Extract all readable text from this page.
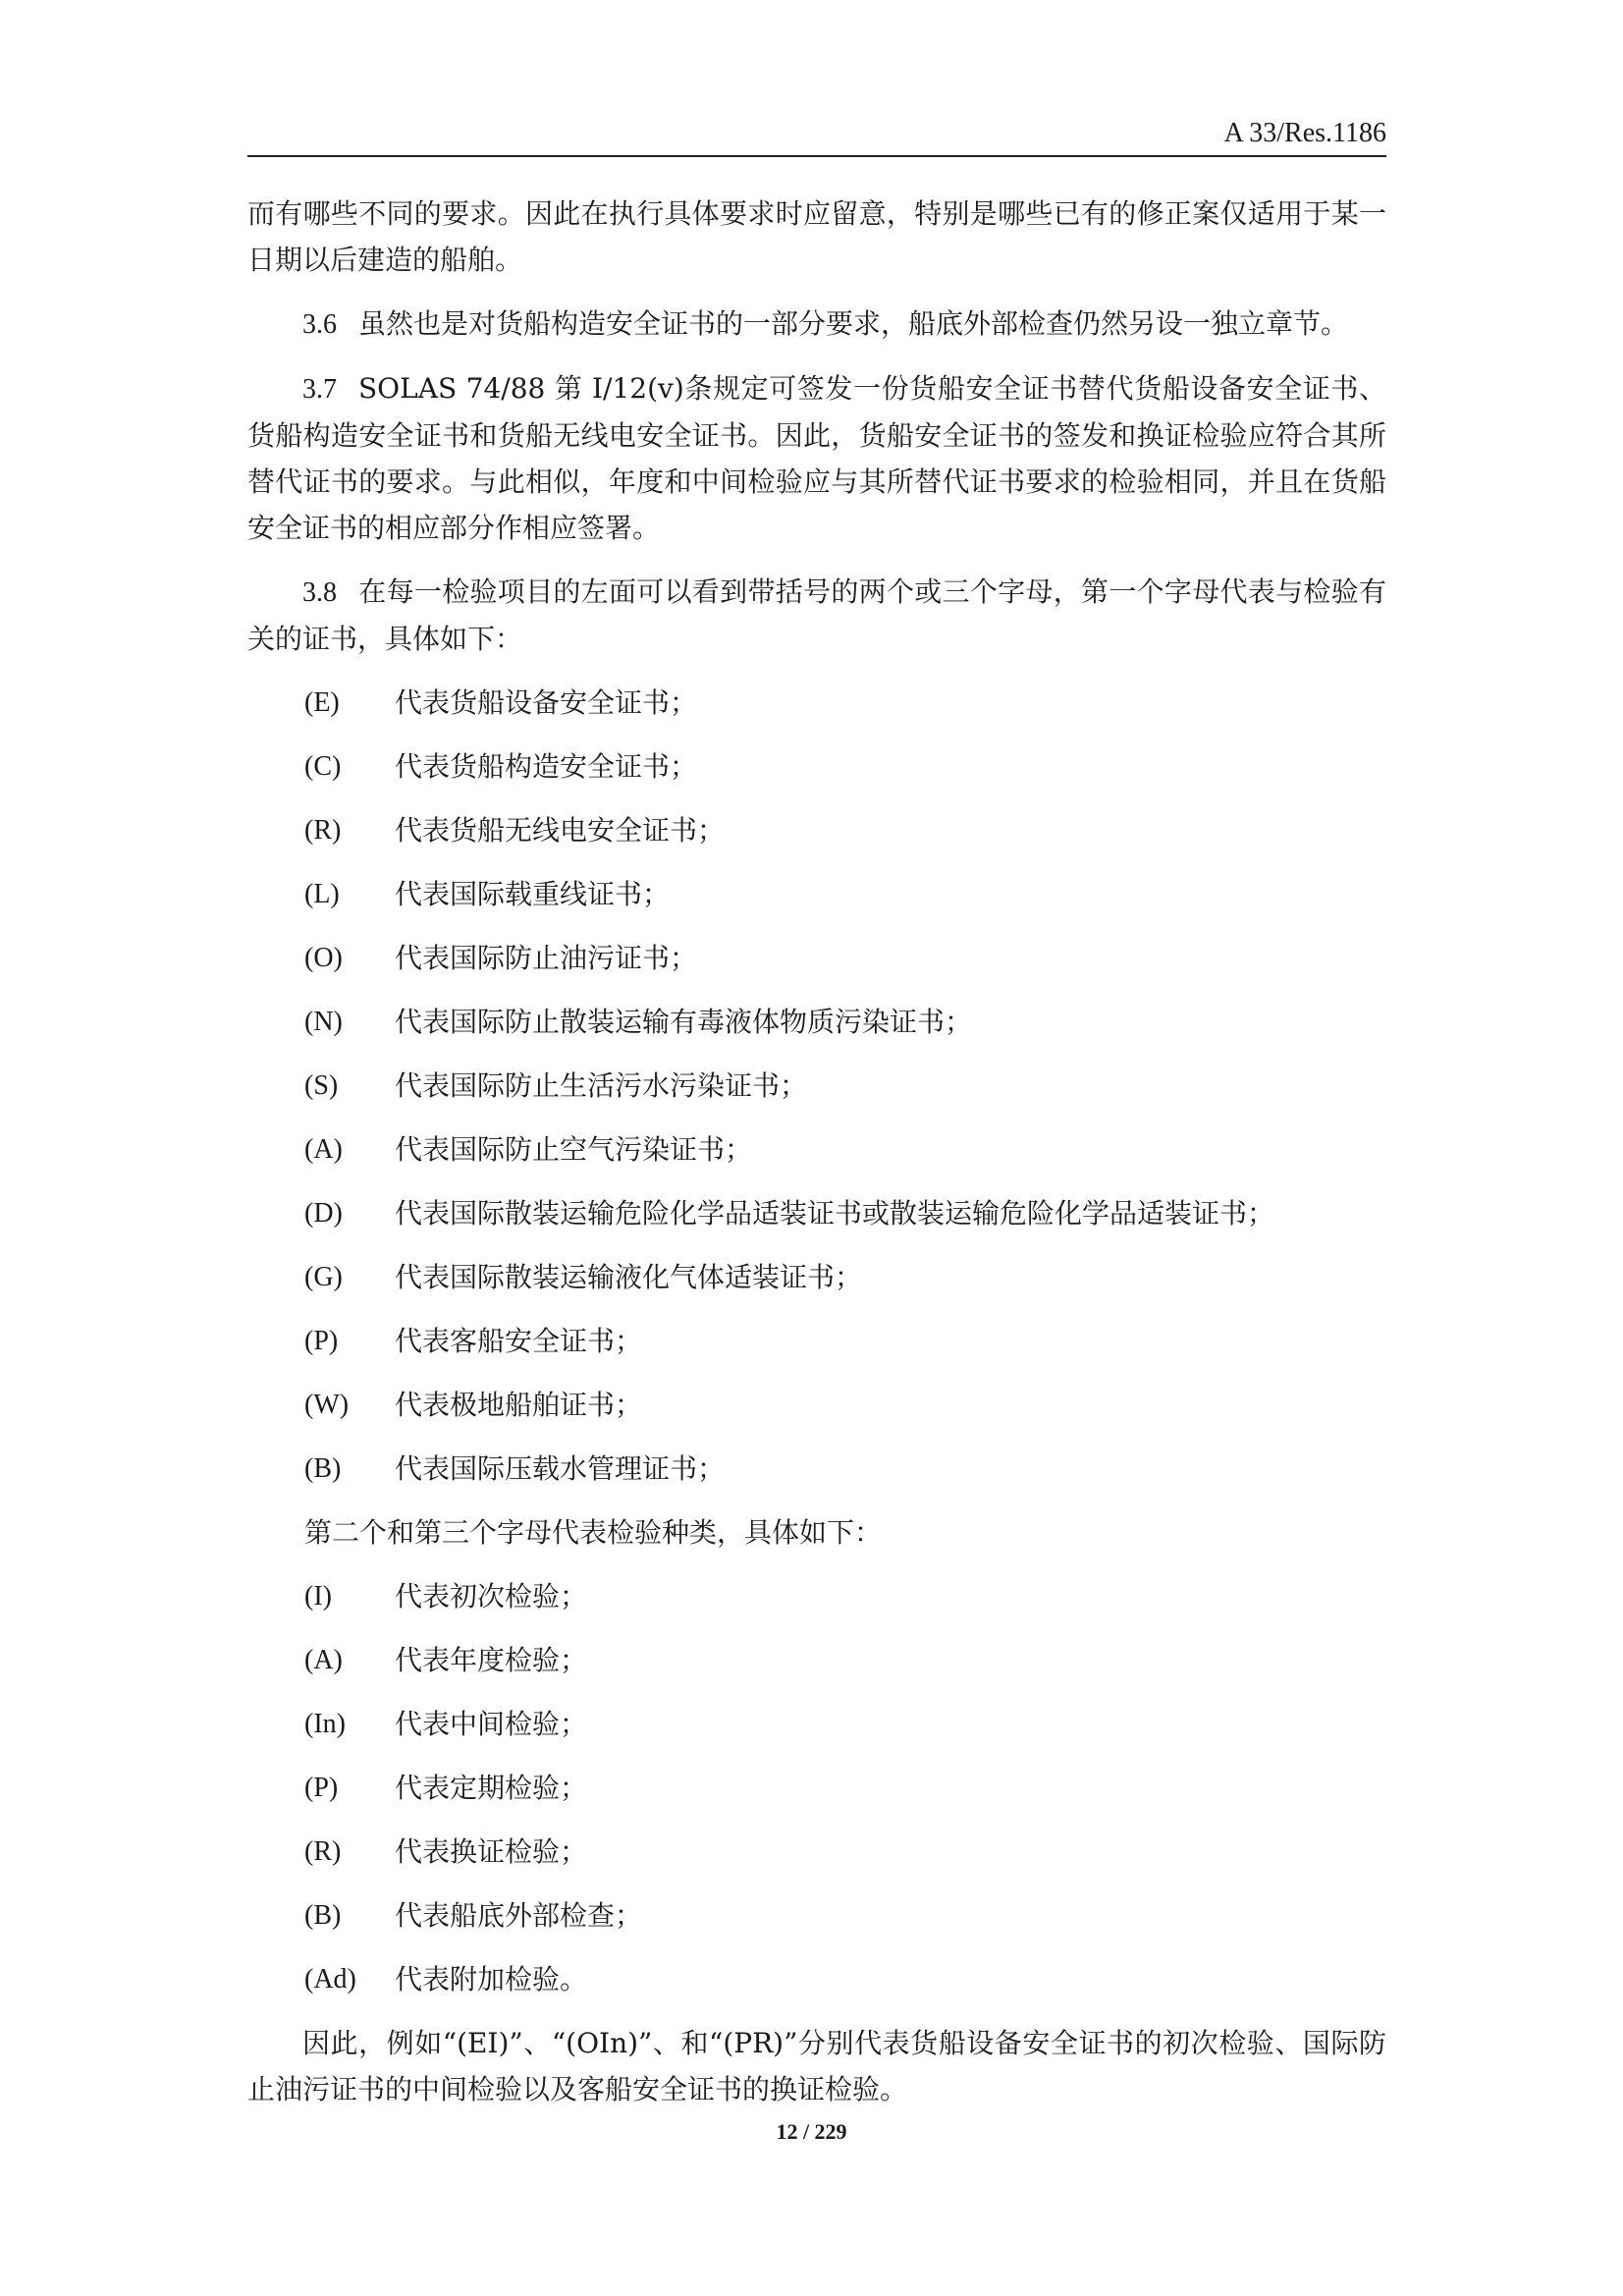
A 33/Res.1186

而有哪些不同的要求。因此在执行具体要求时应留意，特别是哪些已有的修正案仅适用于某一日期以后建造的船舶。

3.6 虽然也是对货船构造安全证书的一部分要求，船底外部检查仍然另设一独立章节。

3.7 SOLAS 74/88 第 I/12(v)条规定可签发一份货船安全证书替代货船设备安全证书、货船构造安全证书和货船无线电安全证书。因此，货船安全证书的签发和换证检验应符合其所替代证书的要求。与此相似，年度和中间检验应与其所替代证书要求的检验相同，并且在货船安全证书的相应部分作相应签署。

3.8 在每一检验项目的左面可以看到带括号的两个或三个字母，第一个字母代表与检验有关的证书，具体如下：

(E)	代表货船设备安全证书；
(C)	代表货船构造安全证书；
(R)	代表货船无线电安全证书；
(L)	代表国际载重线证书；
(O)	代表国际防止油污证书；
(N)	代表国际防止散装运输有毒液体物质污染证书；
(S)	代表国际防止生活污水污染证书；
(A)	代表国际防止空气污染证书；
(D)	代表国际散装运输危险化学品适装证书或散装运输危险化学品适装证书；
(G)	代表国际散装运输液化气体适装证书；
(P)	代表客船安全证书；
(W)	代表极地船舶证书；
(B)	代表国际压载水管理证书；

第二个和第三个字母代表检验种类，具体如下：

(I)	代表初次检验；
(A)	代表年度检验；
(In)	代表中间检验；
(P)	代表定期检验；
(R)	代表换证检验；
(B)	代表船底外部检查；
(Ad)	代表附加检验。

因此，例如“(EI)”、“(OIn)”、和“(PR)”分别代表货船设备安全证书的初次检验、国际防止油污证书的中间检验以及客船安全证书的换证检验。

12 / 229
